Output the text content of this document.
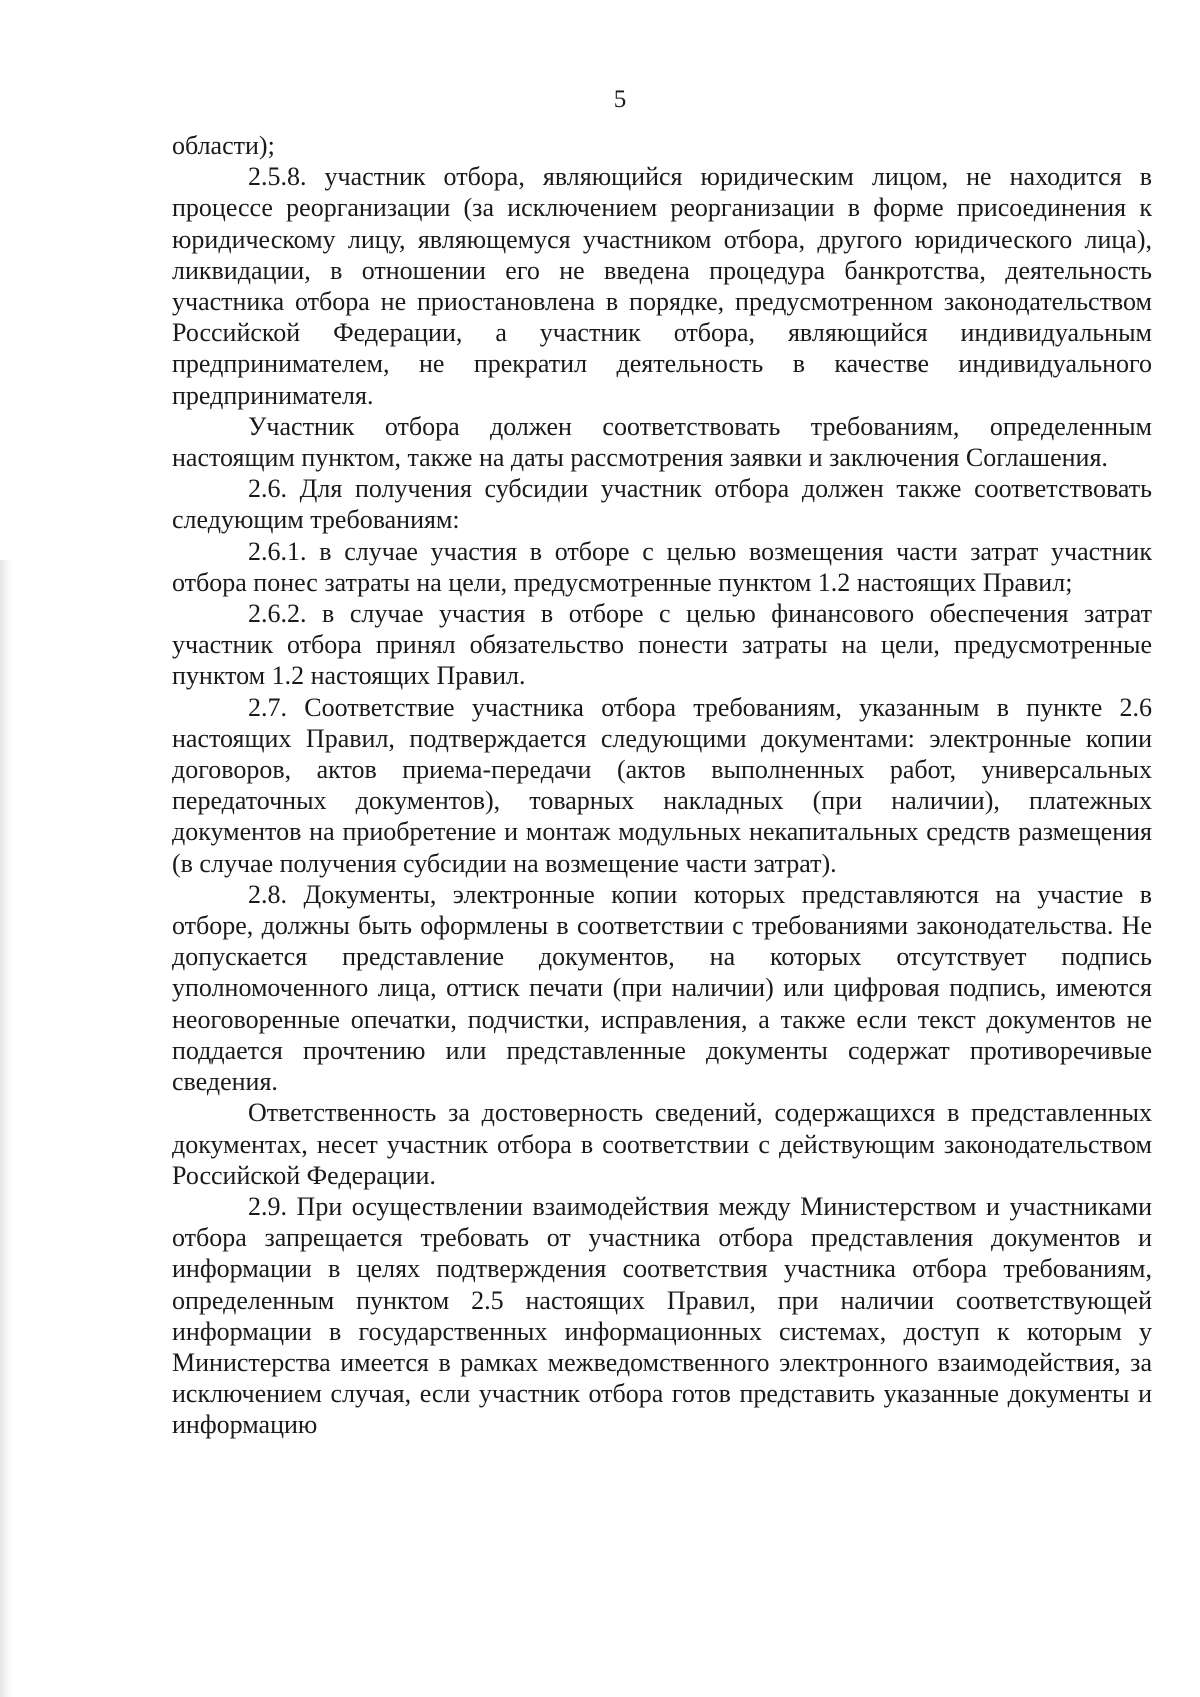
5

области);

2.5.8. участник отбора, являющийся юридическим лицом, не находится в процессе реорганизации (за исключением реорганизации в форме присоединения к юридическому лицу, являющемуся участником отбора, другого юридического лица), ликвидации, в отношении его не введена процедура банкротства, деятельность участника отбора не приостановлена в порядке, предусмотренном законодательством Российской Федерации, а участник отбора, являющийся индивидуальным предпринимателем, не прекратил деятельность в качестве индивидуального предпринимателя.

Участник отбора должен соответствовать требованиям, определенным настоящим пунктом, также на даты рассмотрения заявки и заключения Соглашения.

2.6. Для получения субсидии участник отбора должен также соответствовать следующим требованиям:

2.6.1. в случае участия в отборе с целью возмещения части затрат участник отбора понес затраты на цели, предусмотренные пунктом 1.2 настоящих Правил;

2.6.2. в случае участия в отборе с целью финансового обеспечения затрат участник отбора принял обязательство понести затраты на цели, предусмотренные пунктом 1.2 настоящих Правил.

2.7. Соответствие участника отбора требованиям, указанным в пункте 2.6 настоящих Правил, подтверждается следующими документами: электронные копии договоров, актов приема-передачи (актов выполненных работ, универсальных передаточных документов), товарных накладных (при наличии), платежных документов на приобретение и монтаж модульных некапитальных средств размещения (в случае получения субсидии на возмещение части затрат).

2.8. Документы, электронные копии которых представляются на участие в отборе, должны быть оформлены в соответствии с требованиями законодательства. Не допускается представление документов, на которых отсутствует подпись уполномоченного лица, оттиск печати (при наличии) или цифровая подпись, имеются неоговоренные опечатки, подчистки, исправления, а также если текст документов не поддается прочтению или представленные документы содержат противоречивые сведения.

Ответственность за достоверность сведений, содержащихся в представленных документах, несет участник отбора в соответствии с действующим законодательством Российской Федерации.

2.9. При осуществлении взаимодействия между Министерством и участниками отбора запрещается требовать от участника отбора представления документов и информации в целях подтверждения соответствия участника отбора требованиям, определенным пунктом 2.5 настоящих Правил, при наличии соответствующей информации в государственных информационных системах, доступ к которым у Министерства имеется в рамках межведомственного электронного взаимодействия, за исключением случая, если участник отбора готов представить указанные документы и информацию
